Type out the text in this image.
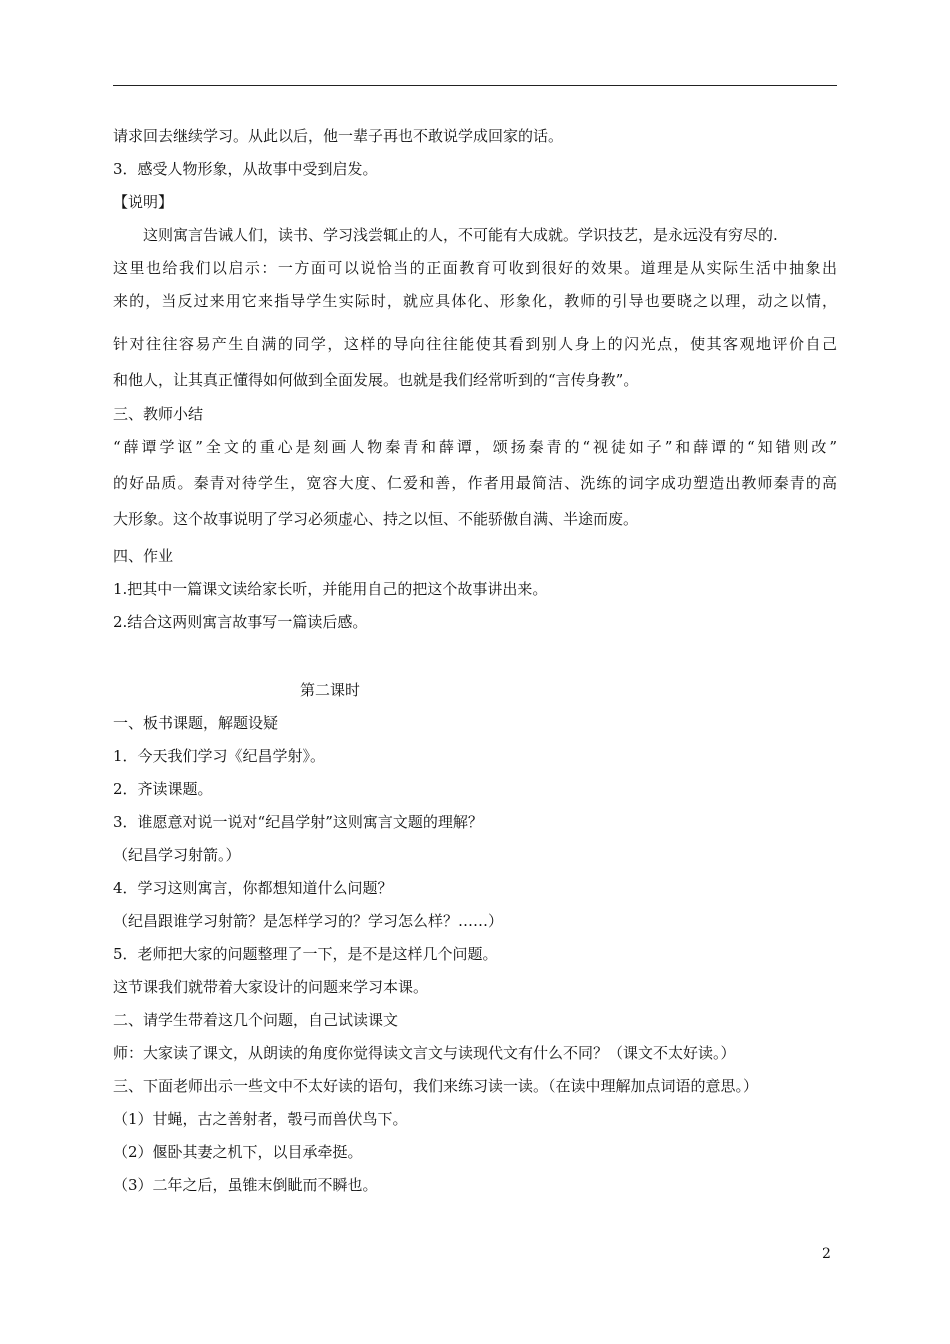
请求回去继续学习。从此以后，他一辈子再也不敢说学成回家的话。
3．感受人物形象，从故事中受到启发。
【说明】
这则寓言告诫人们，读书、学习浅尝辄止的人，不可能有大成就。学识技艺，是永远没有穷尽的.
这里也给我们以启示：一方面可以说恰当的正面教育可收到很好的效果。道理是从实际生活中抽象出
来的，当反过来用它来指导学生实际时，就应具体化、形象化，教师的引导也要晓之以理，动之以情，
针对往往容易产生自满的同学，这样的导向往往能使其看到别人身上的闪光点，使其客观地评价自己
和他人，让其真正懂得如何做到全面发展。也就是我们经常听到的“言传身教”。
三、教师小结
“薛谭学讴”全文的重心是刻画人物秦青和薛谭，颂扬秦青的“视徒如子”和薛谭的“知错则改”
的好品质。秦青对待学生，宽容大度、仁爱和善，作者用最简洁、洗练的词字成功塑造出教师秦青的高
大形象。这个故事说明了学习必须虚心、持之以恒、不能骄傲自满、半途而废。
四、作业
1.把其中一篇课文读给家长听，并能用自己的把这个故事讲出来。
2.结合这两则寓言故事写一篇读后感。
第二课时
一、板书课题，解题设疑
1．今天我们学习《纪昌学射》。
2．齐读课题。
3．谁愿意对说一说对“纪昌学射”这则寓言文题的理解？
（纪昌学习射箭。）
4．学习这则寓言，你都想知道什么问题？
（纪昌跟谁学习射箭？是怎样学习的？学习怎么样？……）
5．老师把大家的问题整理了一下，是不是这样几个问题。
这节课我们就带着大家设计的问题来学习本课。
二、请学生带着这几个问题，自己试读课文
师：大家读了课文，从朗读的角度你觉得读文言文与读现代文有什么不同？（课文不太好读。）
三、下面老师出示一些文中不太好读的语句，我们来练习读一读。（在读中理解加点词语的意思。）
（1）甘蝇，古之善射者，彀弓而兽伏鸟下。
（2）偃卧其妻之机下，以目承牵挺。
（3）二年之后，虽锥末倒眦而不瞬也。
2
